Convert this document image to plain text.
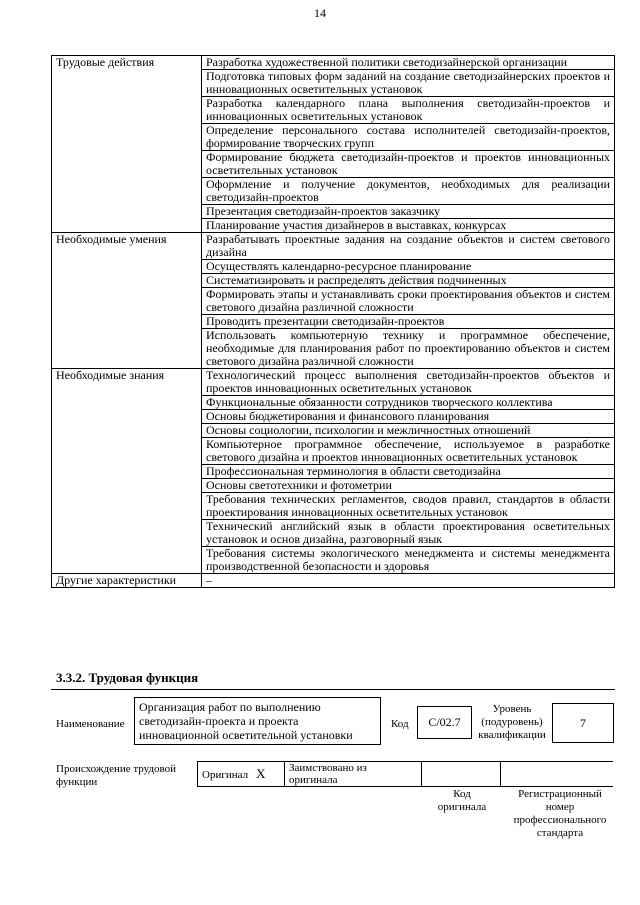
14
Трудовые действия	Разработка художественной политики светодизайнерской организации
	Подготовка типовых форм заданий на создание светодизайнерских проектов и инновационных осветительных установок
	Разработка календарного плана выполнения светодизайн-проектов и инновационных осветительных установок
	Определение персонального состава исполнителей светодизайн-проектов, формирование творческих групп
	Формирование бюджета светодизайн-проектов и проектов инновационных осветительных установок
	Оформление и получение документов, необходимых для реализации светодизайн-проектов
	Презентация светодизайн-проектов заказчику
	Планирование участия дизайнеров в выставках, конкурсах
Необходимые умения	Разрабатывать проектные задания на создание объектов и систем светового дизайна
	Осуществлять календарно-ресурсное планирование
	Систематизировать и распределять действия подчиненных
	Формировать этапы и устанавливать сроки проектирования объектов и систем светового дизайна различной сложности
	Проводить презентации светодизайн-проектов
	Использовать компьютерную технику и программное обеспечение, необходимые для планирования работ по проектированию объектов и систем светового дизайна различной сложности
Необходимые знания	Технологический процесс выполнения светодизайн-проектов объектов и проектов инновационных осветительных установок
	Функциональные обязанности сотрудников творческого коллектива
	Основы бюджетирования и финансового планирования
	Основы социологии, психологии и межличностных отношений
	Компьютерное программное обеспечение, используемое в разработке светового дизайна и проектов инновационных осветительных установок
	Профессиональная терминология в области светодизайна
	Основы светотехники и фотометрии
	Требования технических регламентов, сводов правил, стандартов в области проектирования инновационных осветительных установок
	Технический английский язык в области проектирования осветительных установок и основ дизайна, разговорный язык
	Требования системы экологического менеджмента и системы менеджмента производственной безопасности и здоровья
Другие характеристики	–
3.3.2. Трудовая функция
Наименование
Организация работ по выполнению светодизайн-проекта и проекта инновационной осветительной установки
Код	C/02.7
Уровень (подуровень) квалификации
7
Происхождение трудовой функции
Оригинал X	Заимствовано из оригинала		
Код оригинала
Регистрационный номер профессионального стандарта
